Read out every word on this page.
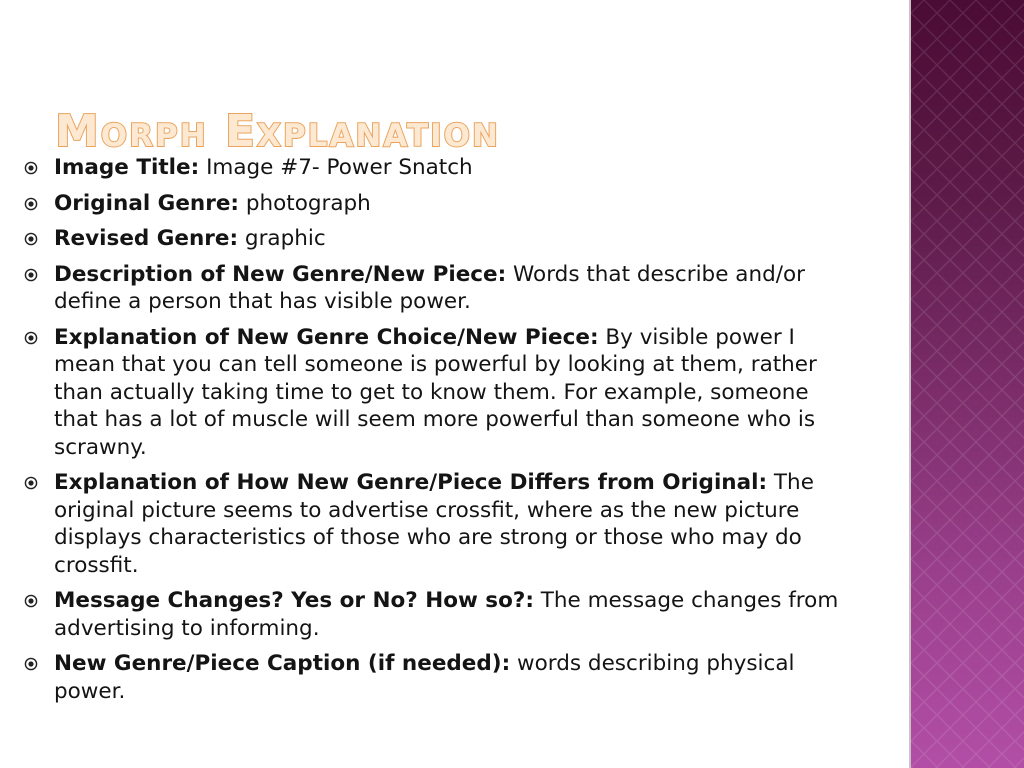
Morph Explanation
Image Title: Image #7- Power Snatch
Original Genre: photograph
Revised Genre: graphic
Description of New Genre/New Piece: Words that describe and/or define a person that has visible power.
Explanation of New Genre Choice/New Piece: By visible power I mean that you can tell someone is powerful by looking at them, rather than actually taking time to get to know them. For example, someone that has a lot of muscle will seem more powerful than someone who is scrawny.
Explanation of How New Genre/Piece Differs from Original: The original picture seems to advertise crossfit, where as the new picture displays characteristics of those who are strong or those who may do crossfit.
Message Changes? Yes or No? How so?: The message changes from advertising to informing.
New Genre/Piece Caption (if needed): words describing physical power.
